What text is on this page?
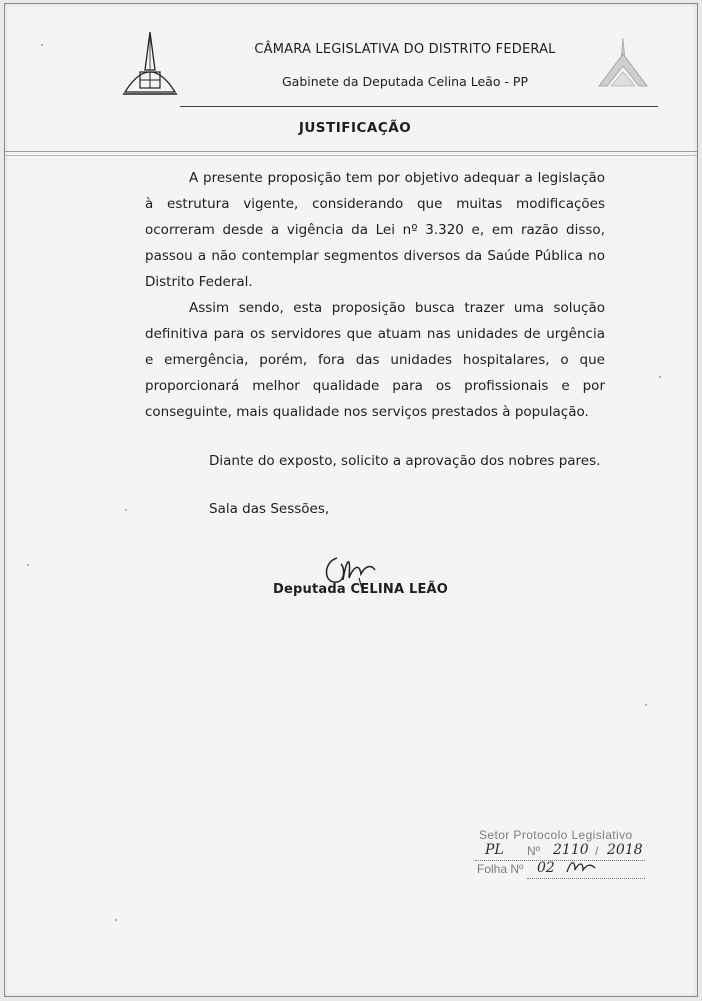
CÂMARA LEGISLATIVA DO DISTRITO FEDERAL
Gabinete da Deputada Celina Leão - PP
JUSTIFICAÇÃO

A presente proposição tem por objetivo adequar a legislação à estrutura vigente, considerando que muitas modificações ocorreram desde a vigência da Lei nº 3.320 e, em razão disso, passou a não contemplar segmentos diversos da Saúde Pública no Distrito Federal.

Assim sendo, esta proposição busca trazer uma solução definitiva para os servidores que atuam nas unidades de urgência e emergência, porém, fora das unidades hospitalares, o que proporcionará melhor qualidade para os profissionais e por conseguinte, mais qualidade nos serviços prestados à população.

Diante do exposto, solicito a aprovação dos nobres pares.

Sala das Sessões,

Deputada CELINA LEÃO
Setor Protocolo Legislativo
PL Nº 2110 / 2018
Folha Nº 02
